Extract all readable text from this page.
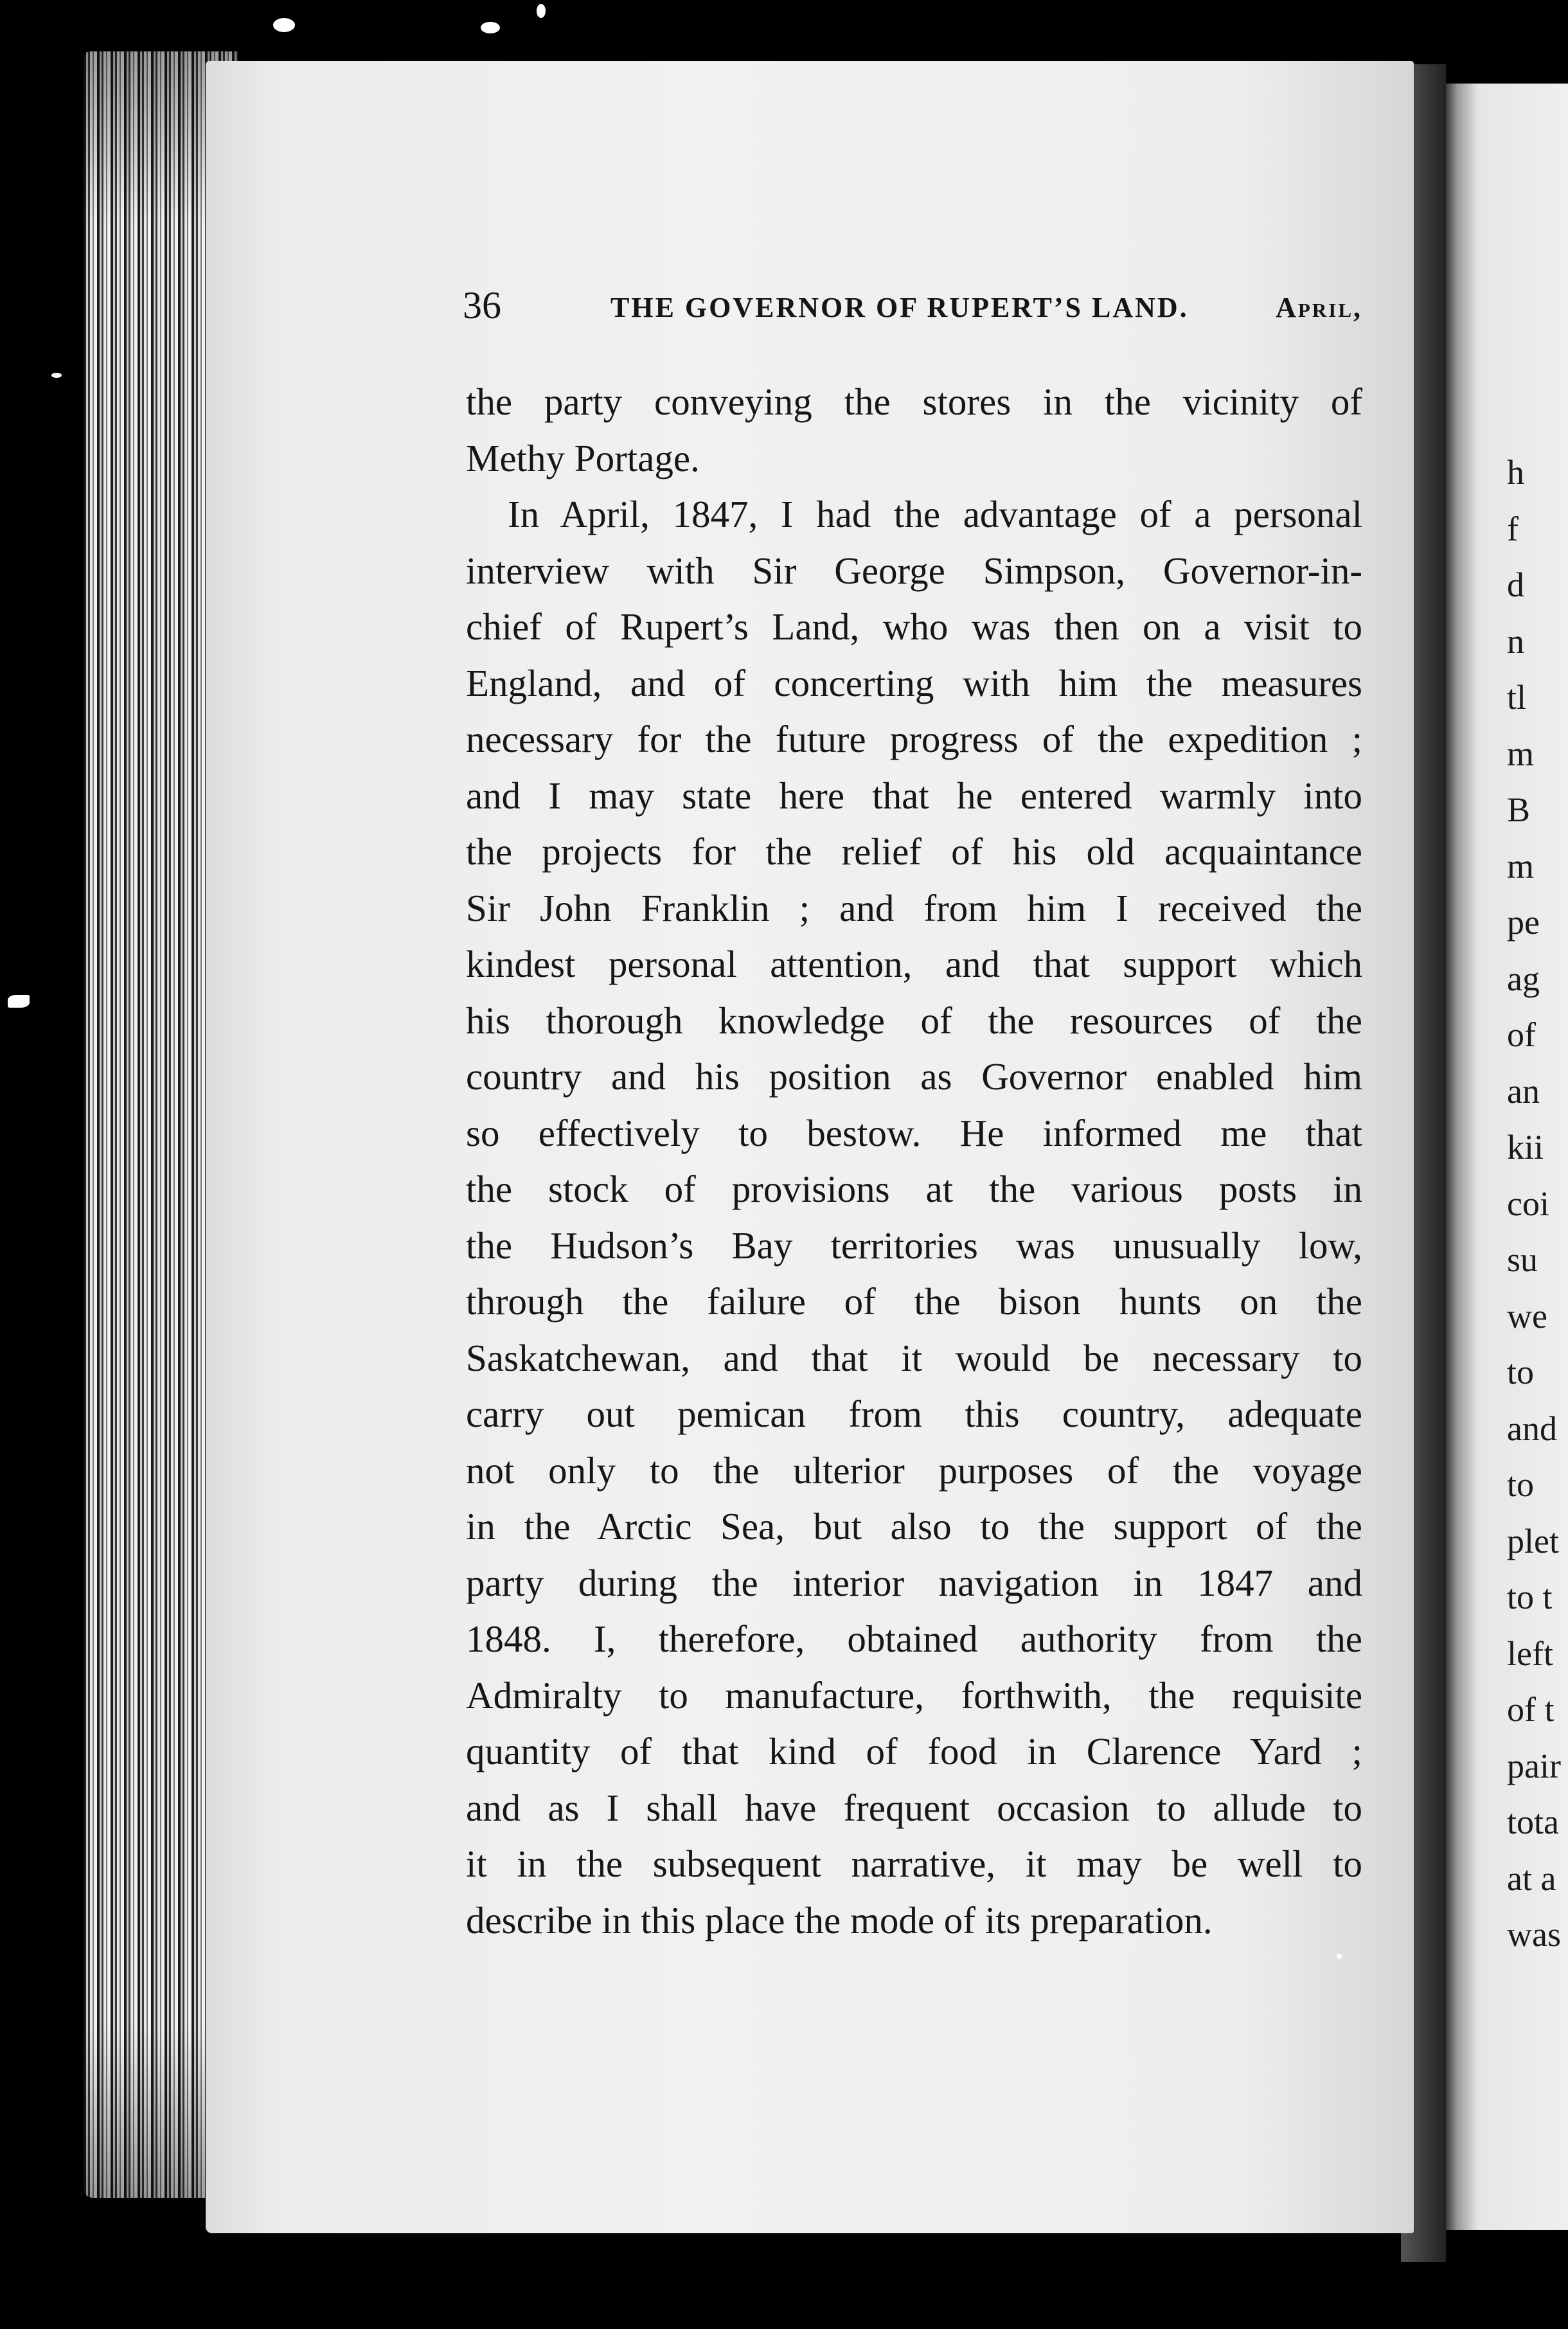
h
f
d
n
tl
m
B
m
pe
ag
of
an
kii
coi
su
we
to
and
to
plet
to t
left
of t
pair
tota
at a
was
36	THE GOVERNOR OF RUPERT’S LAND.	April,
the party conveying the stores in the vicinity of
Methy Portage.
In April, 1847, I had the advantage of a personal
interview with Sir George Simpson, Governor-in-
chief of Rupert’s Land, who was then on a visit to
England, and of concerting with him the measures
necessary for the future progress of the expedition ;
and I may state here that he entered warmly into
the projects for the relief of his old acquaintance
Sir John Franklin ; and from him I received the
kindest personal attention, and that support which
his thorough knowledge of the resources of the
country and his position as Governor enabled him
so effectively to bestow. He informed me that
the stock of provisions at the various posts in
the Hudson’s Bay territories was unusually low,
through the failure of the bison hunts on the
Saskatchewan, and that it would be necessary to
carry out pemican from this country, adequate
not only to the ulterior purposes of the voyage
in the Arctic Sea, but also to the support of the
party during the interior navigation in 1847 and
1848. I, therefore, obtained authority from the
Admiralty to manufacture, forthwith, the requisite
quantity of that kind of food in Clarence Yard ;
and as I shall have frequent occasion to allude to
it in the subsequent narrative, it may be well to
describe in this place the mode of its preparation.
